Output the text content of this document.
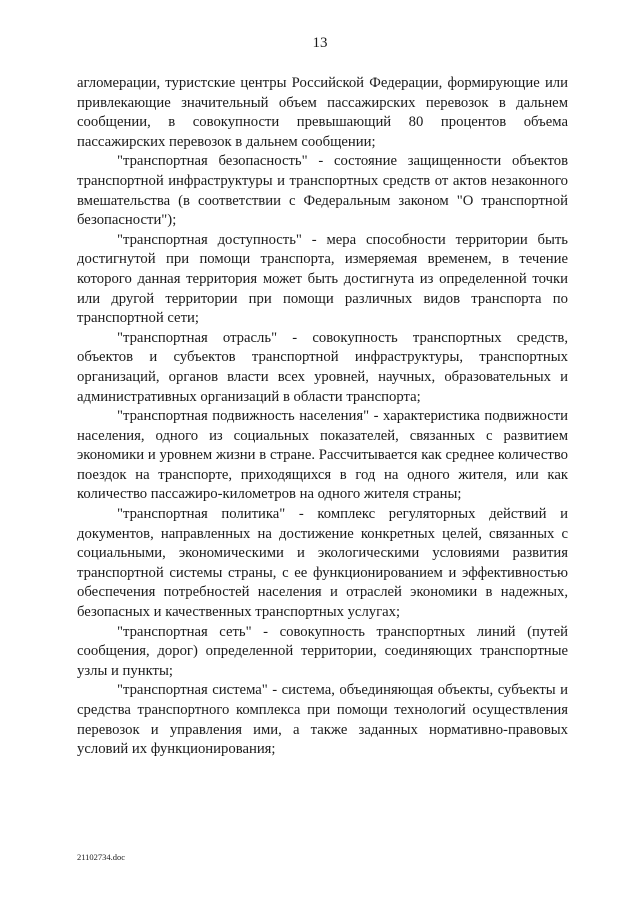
13

агломерации, туристские центры Российской Федерации, формирующие или привлекающие значительный объем пассажирских перевозок в дальнем сообщении, в совокупности превышающий 80 процентов объема пассажирских перевозок в дальнем сообщении;

"транспортная безопасность" - состояние защищенности объектов транспортной инфраструктуры и транспортных средств от актов незаконного вмешательства (в соответствии с Федеральным законом "О транспортной безопасности");

"транспортная доступность" - мера способности территории быть достигнутой при помощи транспорта, измеряемая временем, в течение которого данная территория может быть достигнута из определенной точки или другой территории при помощи различных видов транспорта по транспортной сети;

"транспортная отрасль" - совокупность транспортных средств, объектов и субъектов транспортной инфраструктуры, транспортных организаций, органов власти всех уровней, научных, образовательных и административных организаций в области транспорта;

"транспортная подвижность населения" - характеристика подвижности населения, одного из социальных показателей, связанных с развитием экономики и уровнем жизни в стране. Рассчитывается как среднее количество поездок на транспорте, приходящихся в год на одного жителя, или как количество пассажиро-километров на одного жителя страны;

"транспортная политика" - комплекс регуляторных действий и документов, направленных на достижение конкретных целей, связанных с социальными, экономическими и экологическими условиями развития транспортной системы страны, с ее функционированием и эффективностью обеспечения потребностей населения и отраслей экономики в надежных, безопасных и качественных транспортных услугах;

"транспортная сеть" - совокупность транспортных линий (путей сообщения, дорог) определенной территории, соединяющих транспортные узлы и пункты;

"транспортная система" - система, объединяющая объекты, субъекты и средства транспортного комплекса при помощи технологий осуществления перевозок и управления ими, а также заданных нормативно-правовых условий их функционирования;

21102734.doc
